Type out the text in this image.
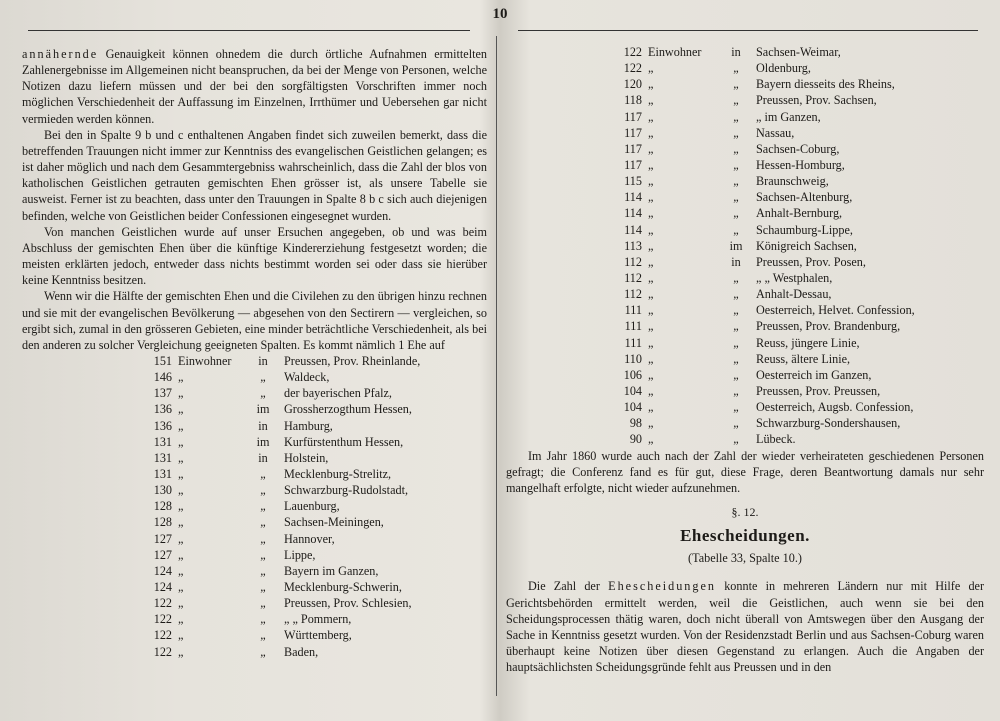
10

annähernde Genauigkeit können ohnedem die durch örtliche Aufnahmen ermittelten Zahlenergebnisse im Allgemeinen nicht beanspruchen, da bei der Menge von Personen, welche Notizen dazu liefern müssen und der bei den sorgfältigsten Vorschriften immer noch möglichen Verschiedenheit der Auffassung im Einzelnen, Irrthümer und Uebersehen gar nicht vermieden werden können.

Bei den in Spalte 9 b und c enthaltenen Angaben findet sich zuweilen bemerkt, dass die betreffenden Trauungen nicht immer zur Kenntniss des evangelischen Geistlichen gelangen; es ist daher möglich und nach dem Gesammtergebniss wahrscheinlich, dass die Zahl der blos von katholischen Geistlichen getrauten gemischten Ehen grösser ist, als unsere Tabelle sie ausweist. Ferner ist zu beachten, dass unter den Trauungen in Spalte 8 b c sich auch diejenigen befinden, welche von Geistlichen beider Confessionen eingesegnet wurden.

Von manchen Geistlichen wurde auf unser Ersuchen angegeben, ob und was beim Abschluss der gemischten Ehen über die künftige Kindererziehung festgesetzt worden; die meisten erklärten jedoch, entweder dass nichts bestimmt worden sei oder dass sie hierüber keine Kenntniss besitzen.

Wenn wir die Hälfte der gemischten Ehen und die Civilehen zu den übrigen hinzu rechnen und sie mit der evangelischen Bevölkerung — abgesehen von den Sectirern — vergleichen, so ergibt sich, zumal in den grösseren Gebieten, eine minder beträchtliche Verschiedenheit, als bei den anderen zu solcher Vergleichung geeigneten Spalten. Es kommt nämlich 1 Ehe auf

151 Einwohner	in	Preussen, Prov. Rheinlande,
146 „	„	Waldeck,
137 „	„	der bayerischen Pfalz,
136 „	im	Grossherzogthum Hessen,
136 „	in	Hamburg,
131 „	im	Kurfürstenthum Hessen,
131 „	in	Holstein,
131 „	„	Mecklenburg-Strelitz,
130 „	„	Schwarzburg-Rudolstadt,
128 „	„	Lauenburg,
128 „	„	Sachsen-Meiningen,
127 „	„	Hannover,
127 „	„	Lippe,
124 „	„	Bayern im Ganzen,
124 „	„	Mecklenburg-Schwerin,
122 „	„	Preussen, Prov. Schlesien,
122 „	„	„ „ Pommern,
122 „	„	Württemberg,
122 „	„	Baden,
122 Einwohner	in	Sachsen-Weimar,
122 „	„	Oldenburg,
120 „	„	Bayern diesseits des Rheins,
118 „	„	Preussen, Prov. Sachsen,
117 „	„	„ im Ganzen,
117 „	„	Nassau,
117 „	„	Sachsen-Coburg,
117 „	„	Hessen-Homburg,
115 „	„	Braunschweig,
114 „	„	Sachsen-Altenburg,
114 „	„	Anhalt-Bernburg,
114 „	„	Schaumburg-Lippe,
113 „	im	Königreich Sachsen,
112 „	in	Preussen, Prov. Posen,
112 „	„	„ „ Westphalen,
112 „	„	Anhalt-Dessau,
111 „	„	Oesterreich, Helvet. Confession,
111 „	„	Preussen, Prov. Brandenburg,
111 „	„	Reuss, jüngere Linie,
110 „	„	Reuss, ältere Linie,
106 „	„	Oesterreich im Ganzen,
104 „	„	Preussen, Prov. Preussen,
104 „	„	Oesterreich, Augsb. Confession,
98 „	„	Schwarzburg-Sondershausen,
90 „	„	Lübeck.

Im Jahr 1860 wurde auch nach der Zahl der wieder verheirateten geschiedenen Personen gefragt; die Conferenz fand es für gut, diese Frage, deren Beantwortung damals nur sehr mangelhaft erfolgte, nicht wieder aufzunehmen.

§. 12.
Ehescheidungen.
(Tabelle 33, Spalte 10.)

Die Zahl der Ehescheidungen konnte in mehreren Ländern nur mit Hilfe der Gerichtsbehörden ermittelt werden, weil die Geistlichen, auch wenn sie bei den Scheidungsprocessen thätig waren, doch nicht überall von Amtswegen über den Ausgang der Sache in Kenntniss gesetzt wurden. Von der Residenzstadt Berlin und aus Sachsen-Coburg waren überhaupt keine Notizen über diesen Gegenstand zu erlangen. Auch die Angaben der hauptsächlichsten Scheidungsgründe fehlt aus Preussen und in den
